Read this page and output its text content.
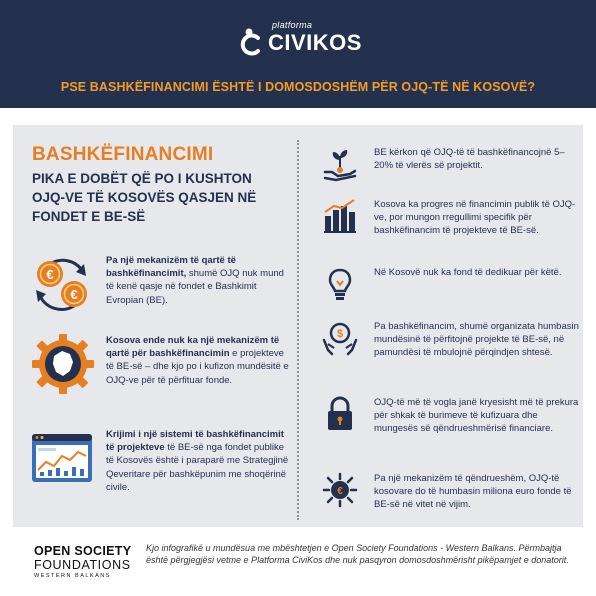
platforma
CIVIKOS
PSE BASHKËFINANCIMI ËSHTË I DOMOSDOSHËM PËR OJQ-TË NË KOSOVË?
BASHKËFINANCIMI
PIKA E DOBËT QË PO I KUSHTON OJQ-VE TË KOSOVËS QASJEN NË FONDET E BE-SË
€
€
Pa një mekanizëm të qartë të bashkëfinancimit, shumë OJQ nuk mund të kenë qasje në fondet e Bashkimit Evropian (BE).
Kosova ende nuk ka një mekanizëm të qartë për bashkëfinancimin e projekteve të BE-së – dhe kjo po i kufizon mundësitë e OJQ-ve për të përfituar fonde.
Krijimi i një sistemi të bashkëfinancimit të projekteve të BE-së nga fondet publike të Kosovës është i paraparë me Strategjinë Qeveritare për bashkëpunim me shoqërinë civile.
BE kërkon që OJQ-të të bashkëfinancojnë 5–20% të vlerës së projektit.
Kosova ka progres në financimin publik të OJQ-ve, por mungon rregullimi specifik për bashkëfinancim të projekteve të BE-së.
Në Kosovë nuk ka fond të dedikuar për këtë.
$
Pa bashkëfinancim, shumë organizata humbasin mundësinë të përfitojnë projekte të BE-së, në pamundësi të mbulojnë përqindjen shtesë.
OJQ-të më të vogla janë kryesisht më të prekura për shkak të burimeve të kufizuara dhe mungesës së qëndrueshmërisë financiare.
€
Pa një mekanizëm të qëndrueshëm, OJQ-të kosovare do të humbasin miliona euro fonde të BE-së në vitet në vijim.
OPEN SOCIETY
FOUNDATIONS
WESTERN BALKANS
Kjo infografikë u mundësua me mbështetjen e Open Society Foundations - Western Balkans. Përmbajtja është përgjegjësi vetme e Platforma CiviKos dhe nuk pasqyron domosdoshmërisht pikëpamjet e donatorit.
